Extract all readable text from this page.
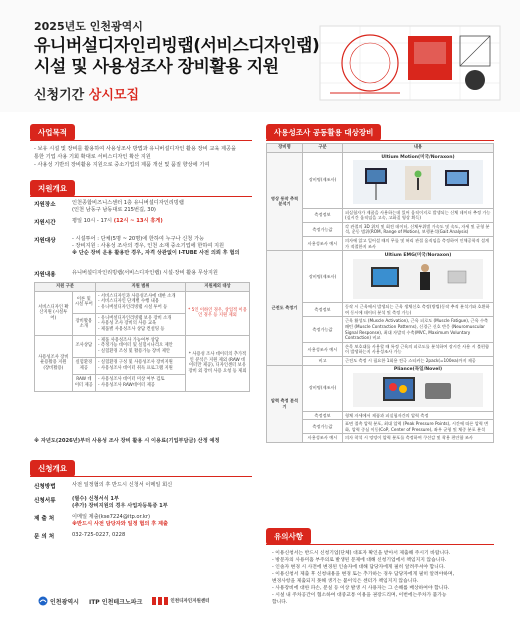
2025년도 인천광역시
유니버설디자인리빙랩(서비스디자인랩)
시설 및 사용성조사 장비활용 지원
신청기간 상시모집
사업목적
- 보유 시설 및 장비를 활용하여 사용성조사 방법과 유니버설디자인 활용 장비 교육 제공을
통한 기업 사용 기회 확대로 서비스디자인 확산 지원
- 사용성 기반의 장비활용 지원으로 중소기업의 제품 개선 및 품질 향상에 기여
지원개요
지원장소	인천종합비즈니스센터 1층 유니버설디자인리빙랩
(인천 남동구 남동대로 215번길, 30)
지원시간	평일 10시 - 17시 (12시 ~ 13시 휴게)
지원대상	- 시설투어 : 단체(5명 ~ 20명)에 한하여 누구나 신청 가능
- 장비지원 : 사용성 조사의 경우, 인천 소재 중소기업에 한하여 지원
※ 단순 장비 운용 활용만 경우, 자격 상관없이 I-TUBE 사전 의뢰 후 협의
지원내용	유니버설디자인리빙랩(서비스디자인랩) 시설·장비 활용 무상지원
지원 구분		지원 범위	지원제외 대상
서비스디자인 확산지원 (시설투어)	이론 및 시설 투어	- 서비스디자인과 사용성조사에 대한 소개
- 서비스디자인 단계별 수행 내용
- 유니버설디자인리빙랩 시설 투어 등	* 5인 이하인 경우, 상업적 이용인 경우 등 지원 제외
	장비활용 소개	- 유니버설디자인리빙랩 보유 장비 소개
- 사용성 조사 장비의 사용 교육
- 제품별 사용성조사 상담 컨설팅 등	
사용성조사 장비 운용활용 지원 (장비활용)	조사상담	- 제품 사용성조사 가능여부 상담
- 측정가능 데이터 및 실험시나리오 제안
- 실험환경 조성 및 활용가능 장비 제안	* 사용성 조사 데이터의 추가적인 분석은 지원 제외 (RAW 데이터만 제공), 디자인센터 보유 장비 외 장비 사용 요청 등 제외
	실험환경 제공	- 실험환경 구성 및 사용성조사 장비지원
- 사용성조사 데이터 취득 프로그램 지원	
	RAW 데이터 제공	- 사용성조사 데이터 미상 여부 검토
- 사용성조사 RAW데이터 제공	
※ 자년도(2026년)부터 사용성 조사 장비 활용 시 이용료(기업부담금) 산정 예정
신청개요
신청방법	사전 일정협의 후 반드시 신청서 이메일 회신
신청서류	(필수) 신청서식 1부
(추가) 장비지원의 경우 사업자등록증 1부
제 출 처	이메일 제출(kse7224@itp.or.kr)
※반드시 사전 담당자와 일정 협의 후 제출
문 의 처	032-725-0227, 0228
인천광역시 ITP 인천테크노파크	인천디자인지원센터
사용성조사 공동활용 대상장비
장비명	구분	내용
영상 동작 추적 분석기	장비명(제조사)	Ultium Motion(미국/Noraxon)

	측정정보	피실험자가 제품을 사용하는데 있어 움직이지로 발생되는 신체 데이터 추정 가능 (실시간 움직임을 고속, 고화질 영상 획득)
	측정가능값	각 관절의 3D 위치 및 회전 데이터, 신체부위별 가속도 및 속도, 자세 및 균형 분석, 운동 범위(ROM, Range of Motion), 보행분석(Gait Analysis)
	사용성조사 예시	의자에 앉고 일어설 때의 무릎 및 허리 관절 움직임을 측정하여 인체공학적 설계가 적절한지 조사
근전도 측정기	장비명(제조사)	Ultium EMG(미국/Noraxon)

	측정정보	동작 시 근육에서 발생되는 근육 생체신호 측정(방법)동작 추적 분석기와 호환하여 동시에 데이터 분석 및 측정 가능)
	측정가능값	근육 활성도 (Muscle Activation), 근육 피로도 (Muscle Fatigue), 근육 수축 패턴 (Muscle Contraction Patterns), 신경근 신호 반응 (Neuromuscular Signal Response), 최대 자발적 수축(MVC, Maximum Voluntary Contraction) 비교
	사용성조사 예시	손목 보호대를 사용할 때 특정 근육의 피로도를 분석하여 장시간 사용 시 불편함이 발생하는지 사용성조사 가능
	비고	근전도 측정 시 필요한 1회용 전극 스티커는 2pack(=100ea)까지 제공
압력 측정 분석기	장비명(제조사)	Pliance(독일/Novel)

	측정정보	형체 자세에서 제품과 피실험자간의 압력 측정
	측정가능값	표면 접촉 압력 분포, 최대 압력 (Peak Pressure Points), 시간에 따른 압력 변화, 압력 중심 이동(CoP, Center of Pressure), 좌우 균형 및 체중 분포 분석
	사용성조사 예시	의자 착석 시 엉덩이 압력 분포를 측정하여 쿠션감 및 착용 편안함 조사
유의사항
- 이용신청서는 반드시 신청기업(단체) 대표자 확인을 받아서 제출해 주시기 바랍니다.
- 방문자의 사용미흡 부주의로 발생된 문제에 대해 신청기업에서 책임지지 않습니다.
- 인솔자 변경 시 사전에 변경된 인솔자에 대해 담당자에게 필히 알려주셔야 합니다.
- 이용신청서 제출 후 신청내용을 변경 또는 추가하는 경우 담당자에게 필히 알려야하며,
변경사항을 제출되지 못해 생기는 불이익은 센터가 책임지지 않습니다.
- 사용장비에 대한 파손, 분실 등 이상 발생 시 사용자는 그 손해를 배상하여야 합니다.
- 시설 내 주차공간이 협소하여 대중교통 이용을 권장드리며, 이번에는주차가 불가능
합니다.
